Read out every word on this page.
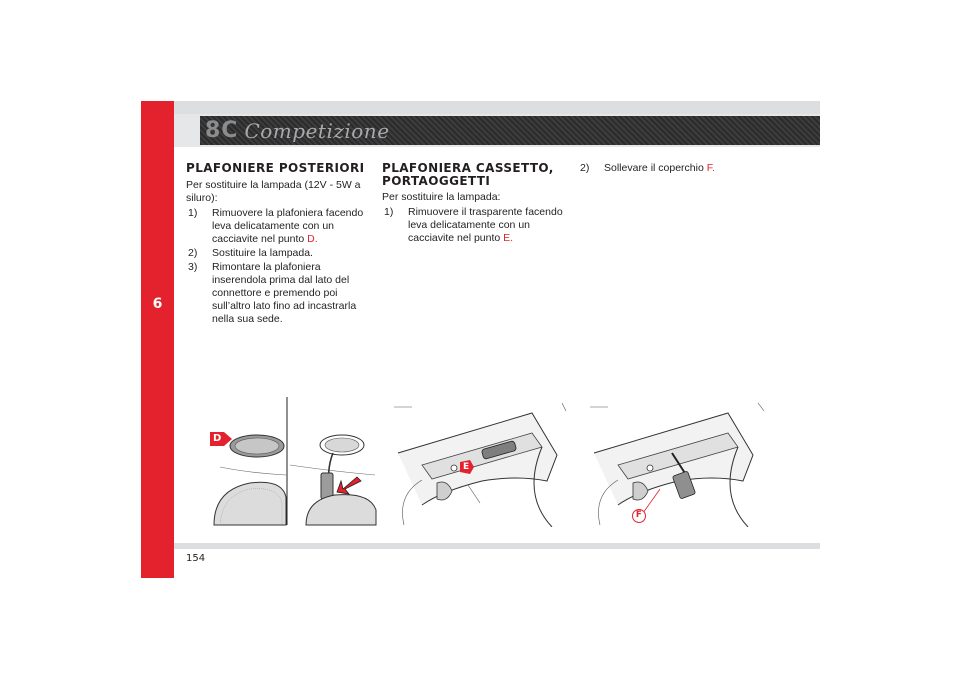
6
8C Competizione
PLAFONIERE POSTERIORI

Per sostituire la lampada (12V - 5W a siluro):

1) Rimuovere la plafoniera facendo leva delicatamente con un cacciavite nel punto D.
2) Sostituire la lampada.
3) Rimontare la plafoniera inserendola prima dal lato del connettore e premendo poi sull’altro lato fino ad incastrarla nella sua sede.
PLAFONIERA CASSETTO, PORTAOGGETTI

Per sostituire la lampada:

1) Rimuovere il trasparente facendo leva delicatamente con un cacciavite nel punto E.
2) Sollevare il coperchio F.
D
E
F
154
